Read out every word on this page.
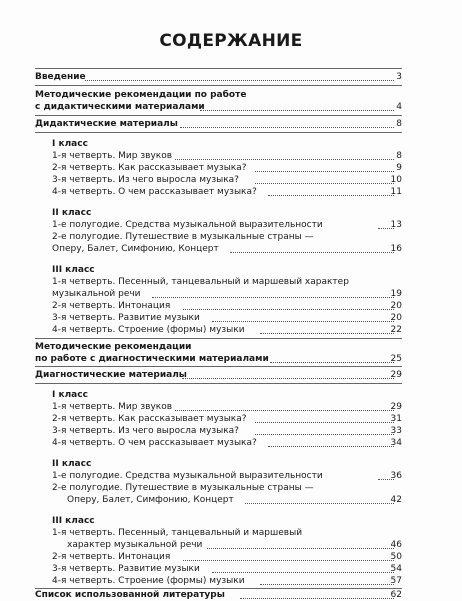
СОДЕРЖАНИЕ
Введение	3
Методические рекомендации по работе
с дидактическими материалами	4
Дидактические материалы	8
I класс
1-я четверть. Мир звуков	8
2-я четверть. Как рассказывает музыка?	9
3-я четверть. Из чего выросла музыка?	10
4-я четверть. О чем рассказывает музыка?	11
II класс
1-е полугодие. Средства музыкальной выразительности	13
2-е полугодие. Путешествие в музыкальные страны —
Оперу, Балет, Симфонию, Концерт	16
III класс
1-я четверть. Песенный, танцевальный и маршевый характер
музыкальной речи	19
2-я четверть. Интонация	20
3-я четверть. Развитие музыки	20
4-я четверть. Строение (формы) музыки	22
Методические рекомендации
по работе с диагностическими материалами	25
Диагностические материалы	29
I класс
1-я четверть. Мир звуков	29
2-я четверть. Как рассказывает музыка?	31
3-я четверть. Из чего выросла музыка?	33
4-я четверть. О чем рассказывает музыка?	34
II класс
1-е полугодие. Средства музыкальной выразительности	36
2-е полугодие. Путешествие в музыкальные страны —
Оперу, Балет, Симфонию, Концерт	42
III класс
1-я четверть. Песенный, танцевальный и маршевый
характер музыкальной речи	46
2-я четверть. Интонация	50
3-я четверть. Развитие музыки	54
4-я четверть. Строение (формы) музыки	57
Список использованной литературы	62
